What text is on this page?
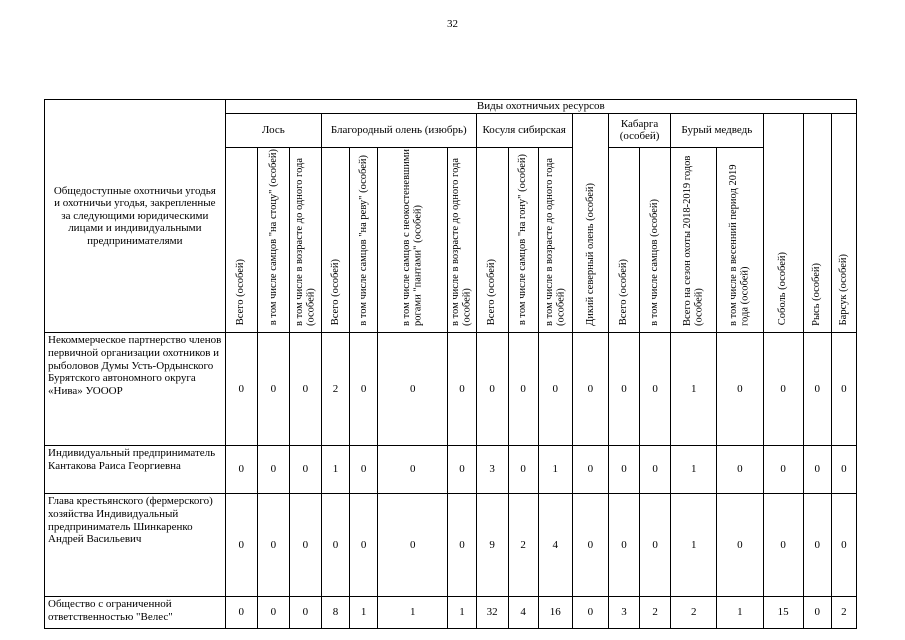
32
Общедоступные охотничьи угодья и охотничьи угодья, закрепленные за следующими юридическими лицами и индивидуальными предпринимателями	Виды охотничьих ресурсов																	
	Лось			Благородный олень (изюбрь)				Косуля сибирская			Дикий северный олень (особей)	Кабарга (особей)		Бурый медведь		Соболь (особей)	Рысь (особей)	Барсук (особей)
	Всего (особей)	в том числе самцов "на стоцу" (особей)	в том числе в возрасте до одного года (особей)	Всего (особей)	в том числе самцов "на реву" (особей)	в том числе самцов с неокостеневшими рогами "пантами" (особей)	в том числе в возрасте до одного года (особей)	Всего (особей)	в том числе самцов "на гону" (особей)	в том числе в возрасте до одного года (особей)		Всего (особей)	в том числе самцов (особей)	Всего на сезон охоты 2018-2019 годов (особей)	в том числе в весенний период 2019 года (особей)			
Некоммерческое партнерство членов первичной организации охотников и рыболовов Думы Усть-Ордынского Бурятского автономного округа «Нива» УОООР	0	0	0	2	0	0	0	0	0	0	0	0	0	1	0	0	0	0
Индивидуальный предприниматель Кантакова Раиса Георгиевна	0	0	0	1	0	0	0	3	0	1	0	0	0	1	0	0	0	0
Глава крестьянского (фермерского) хозяйства Индивидуальный предприниматель Шинкаренко Андрей Васильевич	0	0	0	0	0	0	0	9	2	4	0	0	0	1	0	0	0	0
Общество с ограниченной ответственностью "Велес"	0	0	0	8	1	1	1	32	4	16	0	3	2	2	1	15	0	2
